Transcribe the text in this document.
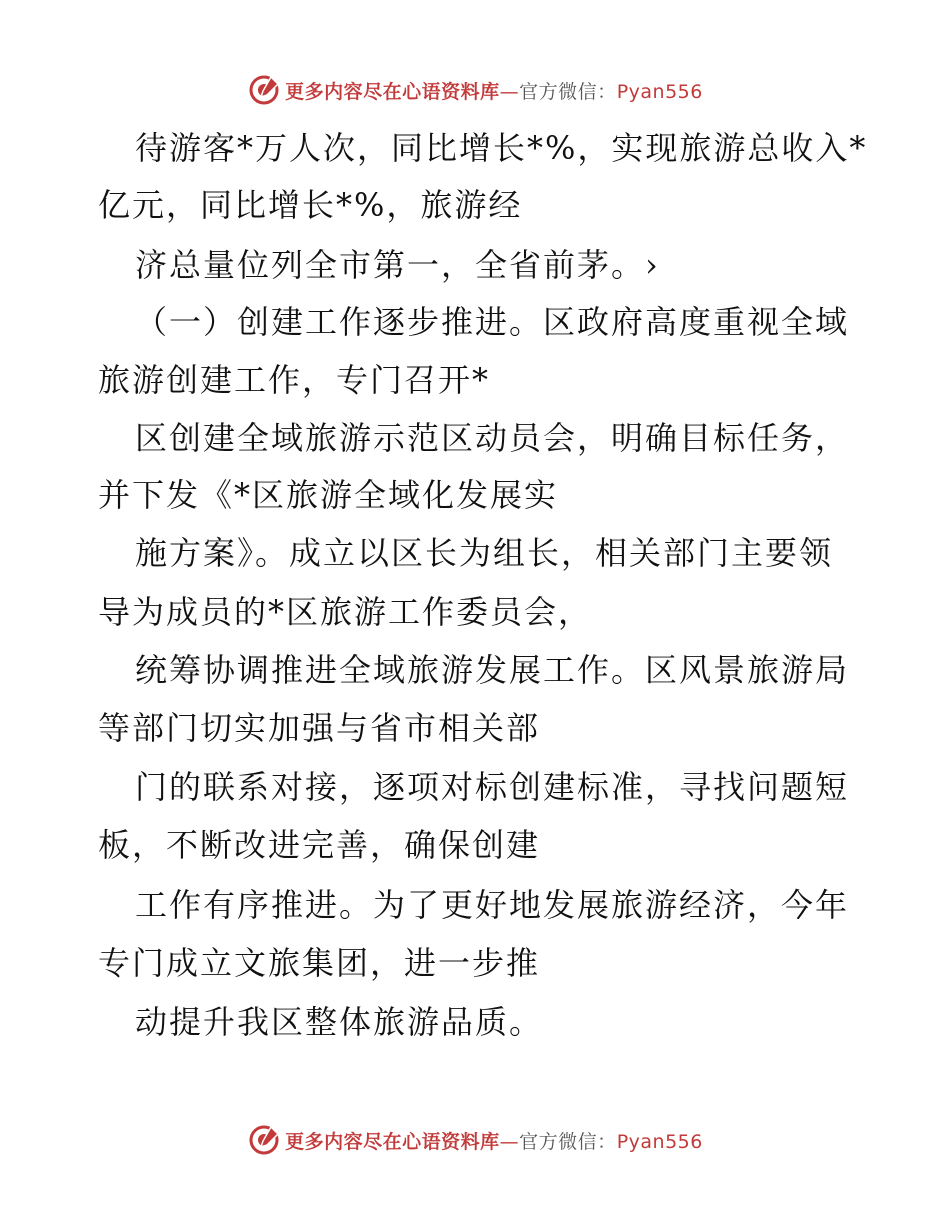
更多内容尽在心语资料库—官方微信：Pyan556
待游客*万人次，同比增长*%，实现旅游总收入*
亿元，同比增长*%，旅游经
济总量位列全市第一，全省前茅。›
（一）创建工作逐步推进。区政府高度重视全域
旅游创建工作，专门召开*
区创建全域旅游示范区动员会，明确目标任务，
并下发《*区旅游全域化发展实
施方案》。成立以区长为组长，相关部门主要领
导为成员的*区旅游工作委员会，
统筹协调推进全域旅游发展工作。区风景旅游局
等部门切实加强与省市相关部
门的联系对接，逐项对标创建标准，寻找问题短
板，不断改进完善，确保创建
工作有序推进。为了更好地发展旅游经济，今年
专门成立文旅集团，进一步推
动提升我区整体旅游品质。
更多内容尽在心语资料库—官方微信：Pyan556
